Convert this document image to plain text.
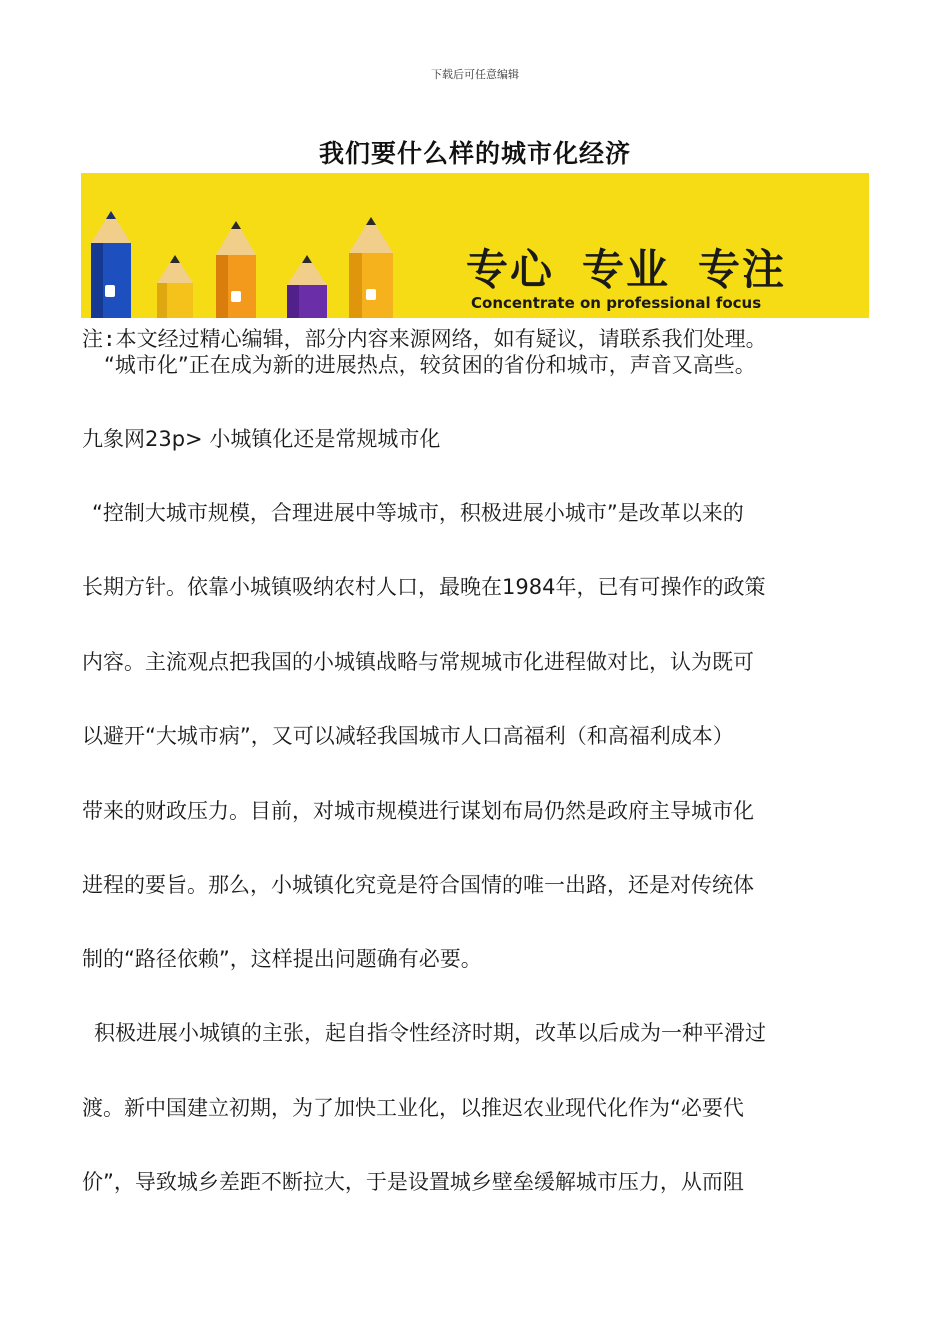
下载后可任意编辑
我们要什么样的城市化经济
专心 专业 专注
Concentrate on professional focus
注:本文经过精心编辑，部分内容来源网络，如有疑议，请联系我们处理。
“城市化”正在成为新的进展热点，较贫困的省份和城市，声音又高些。
九象网23p> 小城镇化还是常规城市化
“控制大城市规模，合理进展中等城市，积极进展小城市”是改革以来的
长期方针。依靠小城镇吸纳农村人口，最晚在1984年，已有可操作的政策
内容。主流观点把我国的小城镇战略与常规城市化进程做对比，认为既可
以避开“大城市病”，又可以减轻我国城市人口高福利（和高福利成本）
带来的财政压力。目前，对城市规模进行谋划布局仍然是政府主导城市化
进程的要旨。那么，小城镇化究竟是符合国情的唯一出路，还是对传统体
制的“路径依赖”，这样提出问题确有必要。
积极进展小城镇的主张，起自指令性经济时期，改革以后成为一种平滑过
渡。新中国建立初期，为了加快工业化，以推迟农业现代化作为“必要代
价”，导致城乡差距不断拉大，于是设置城乡壁垒缓解城市压力，从而阻
